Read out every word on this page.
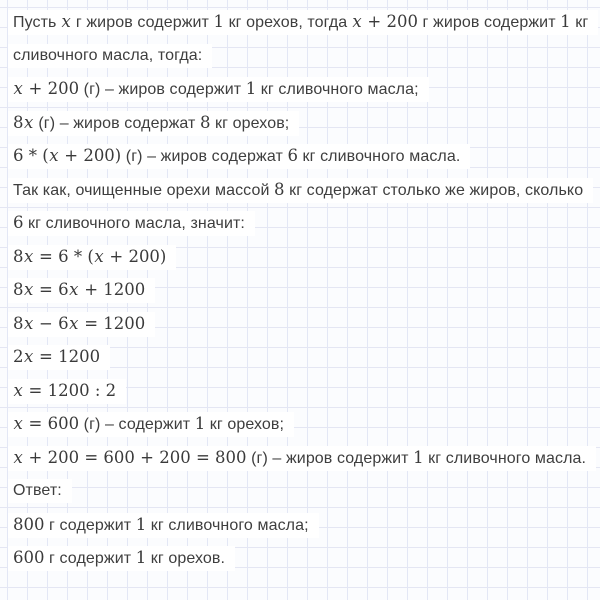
Пусть x г жиров содержит 1 кг орехов, тогда x + 200 г жиров содержит 1 кг
сливочного масла, тогда:
x + 200 (г) – жиров содержит 1 кг сливочного масла;
8x (г) – жиров содержат 8 кг орехов;
6 * (x + 200) (г) – жиров содержат 6 кг сливочного масла.
Так как, очищенные орехи массой 8 кг содержат столько же жиров, сколько
6 кг сливочного масла, значит:
8x = 6 * (x + 200)
8x = 6x + 1200
8x − 6x = 1200
2x = 1200
x = 1200 : 2
x = 600 (г) – содержит 1 кг орехов;
x + 200 = 600 + 200 = 800 (г) – жиров содержит 1 кг сливочного масла.
Ответ:
800 г содержит 1 кг сливочного масла;
600 г содержит 1 кг орехов.
